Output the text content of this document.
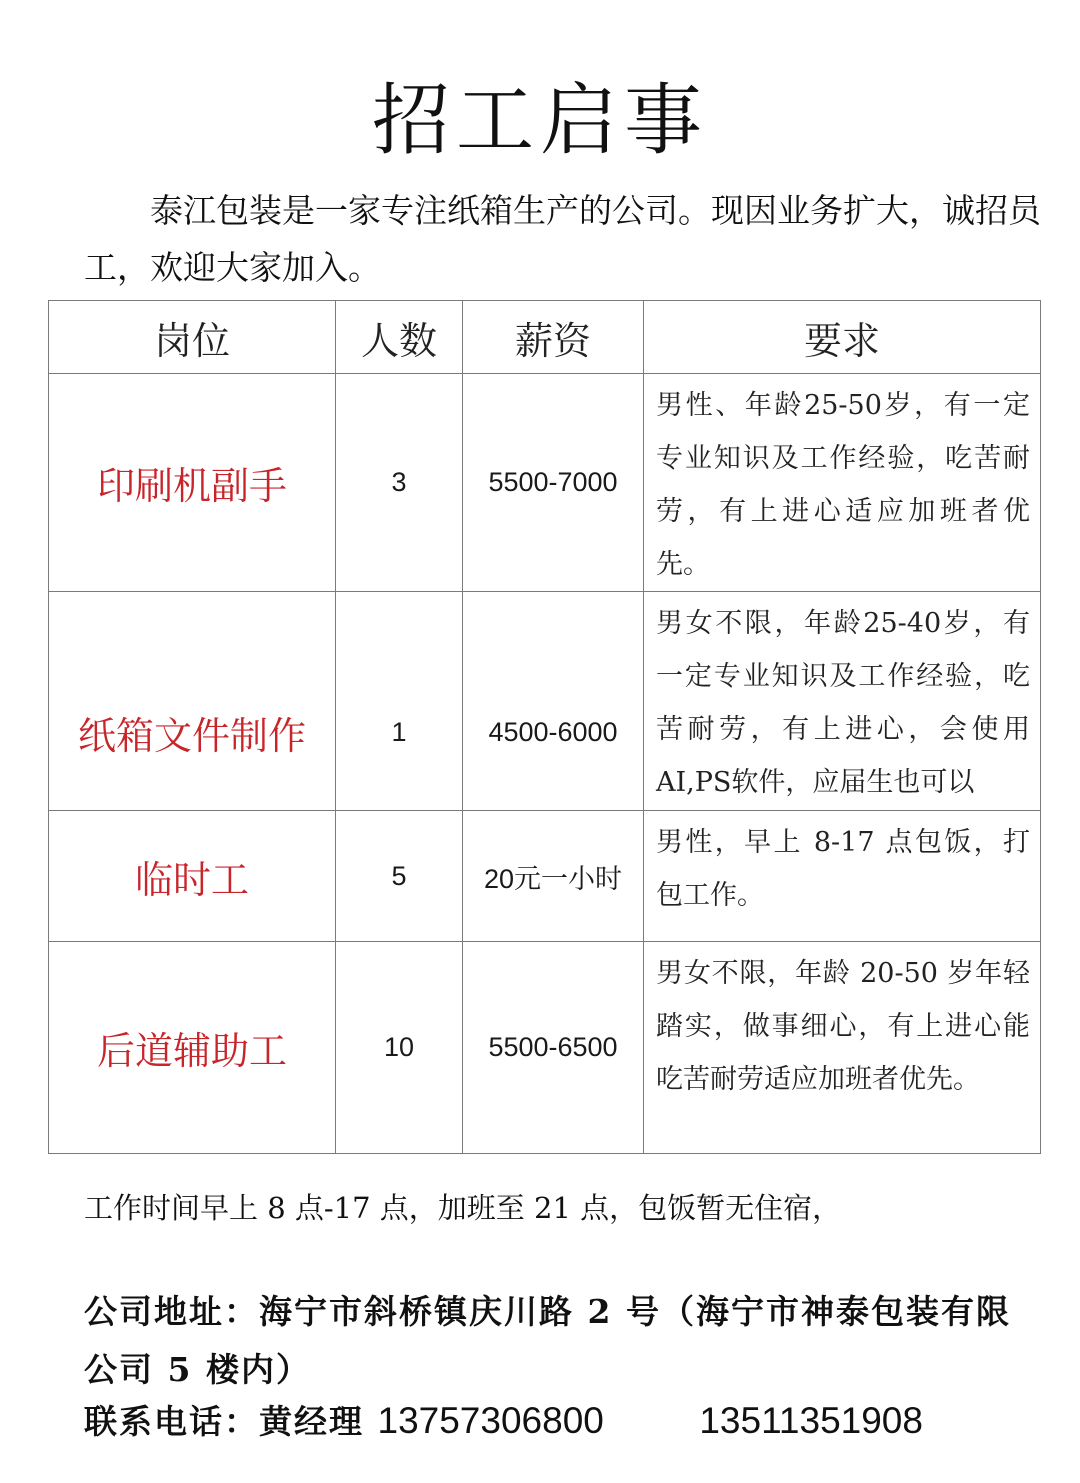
招工启事
泰江包装是一家专注纸箱生产的公司。现因业务扩大，诚招员工，欢迎大家加入。
岗位	人数	薪资	要求
印刷机副手	3	5500-7000	男性、年龄25-50岁，有一定专业知识及工作经验，吃苦耐劳，有上进心适应加班者优先。

纸箱文件制作	1	4500-6000	男女不限，年龄25-40岁，有一定专业知识及工作经验，吃苦耐劳，有上进心，会使用AI,PS软件，应届生也可以

临时工	5	20元一小时	男性，早上 8-17 点包饭，打包工作。

后道辅助工	10	5500-6500	男女不限，年龄 20-50 岁年轻踏实，做事细心，有上进心能吃苦耐劳适应加班者优先。
工作时间早上 8 点-17 点，加班至 21 点，包饭暂无住宿，
公司地址：海宁市斜桥镇庆川路 2 号（海宁市神泰包装有限公司 5 楼内）
联系电话：黄经理 13757306800	13511351908
